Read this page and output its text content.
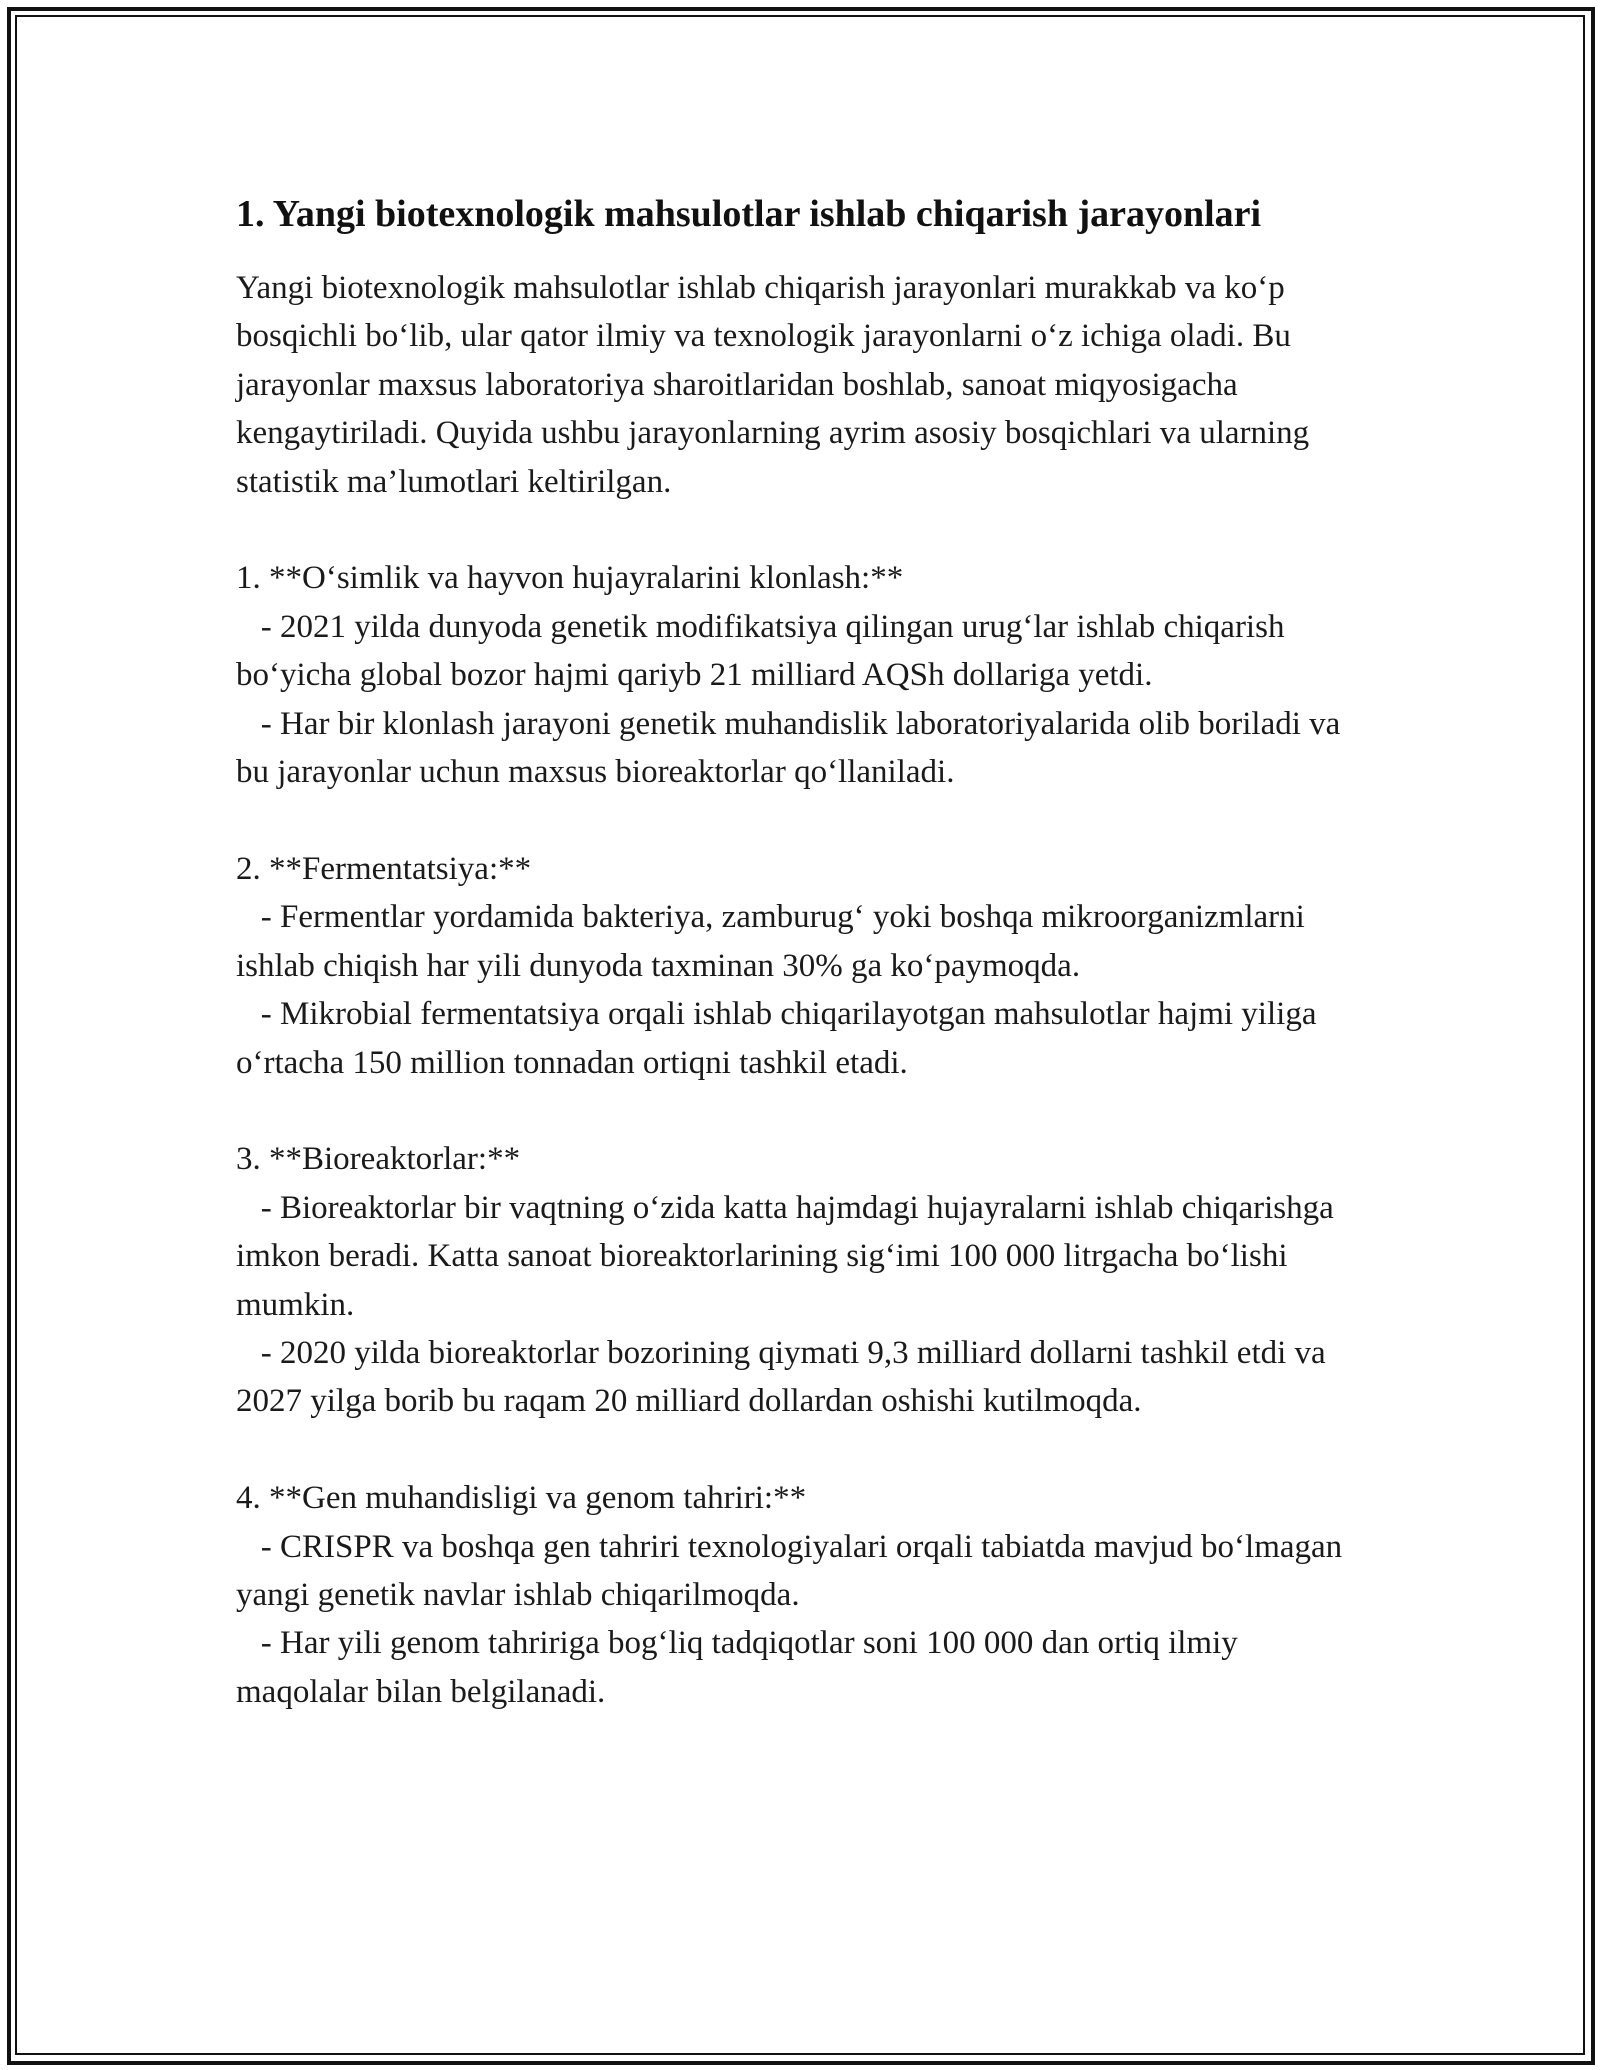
1. Yangi biotexnologik mahsulotlar ishlab chiqarish jarayonlari
Yangi biotexnologik mahsulotlar ishlab chiqarish jarayonlari murakkab va ko‘p bosqichli bo‘lib, ular qator ilmiy va texnologik jarayonlarni o‘z ichiga oladi. Bu jarayonlar maxsus laboratoriya sharoitlaridan boshlab, sanoat miqyosigacha kengaytiriladi. Quyida ushbu jarayonlarning ayrim asosiy bosqichlari va ularning statistik ma’lumotlari keltirilgan.

1. **O‘simlik va hayvon hujayralarini klonlash:**
- 2021 yilda dunyoda genetik modifikatsiya qilingan urug‘lar ishlab chiqarish bo‘yicha global bozor hajmi qariyb 21 milliard AQSh dollariga yetdi.
- Har bir klonlash jarayoni genetik muhandislik laboratoriyalarida olib boriladi va bu jarayonlar uchun maxsus bioreaktorlar qo‘llaniladi.

2. **Fermentatsiya:**
- Fermentlar yordamida bakteriya, zamburug‘ yoki boshqa mikroorganizmlarni ishlab chiqish har yili dunyoda taxminan 30% ga ko‘paymoqda.
- Mikrobial fermentatsiya orqali ishlab chiqarilayotgan mahsulotlar hajmi yiliga o‘rtacha 150 million tonnadan ortiqni tashkil etadi.

3. **Bioreaktorlar:**
- Bioreaktorlar bir vaqtning o‘zida katta hajmdagi hujayralarni ishlab chiqarishga imkon beradi. Katta sanoat bioreaktorlarining sig‘imi 100 000 litrgacha bo‘lishi mumkin.
- 2020 yilda bioreaktorlar bozorining qiymati 9,3 milliard dollarni tashkil etdi va 2027 yilga borib bu raqam 20 milliard dollardan oshishi kutilmoqda.

4. **Gen muhandisligi va genom tahriri:**
- CRISPR va boshqa gen tahriri texnologiyalari orqali tabiatda mavjud bo‘lmagan yangi genetik navlar ishlab chiqarilmoqda.
- Har yili genom tahririga bog‘liq tadqiqotlar soni 100 000 dan ortiq ilmiy maqolalar bilan belgilanadi.
